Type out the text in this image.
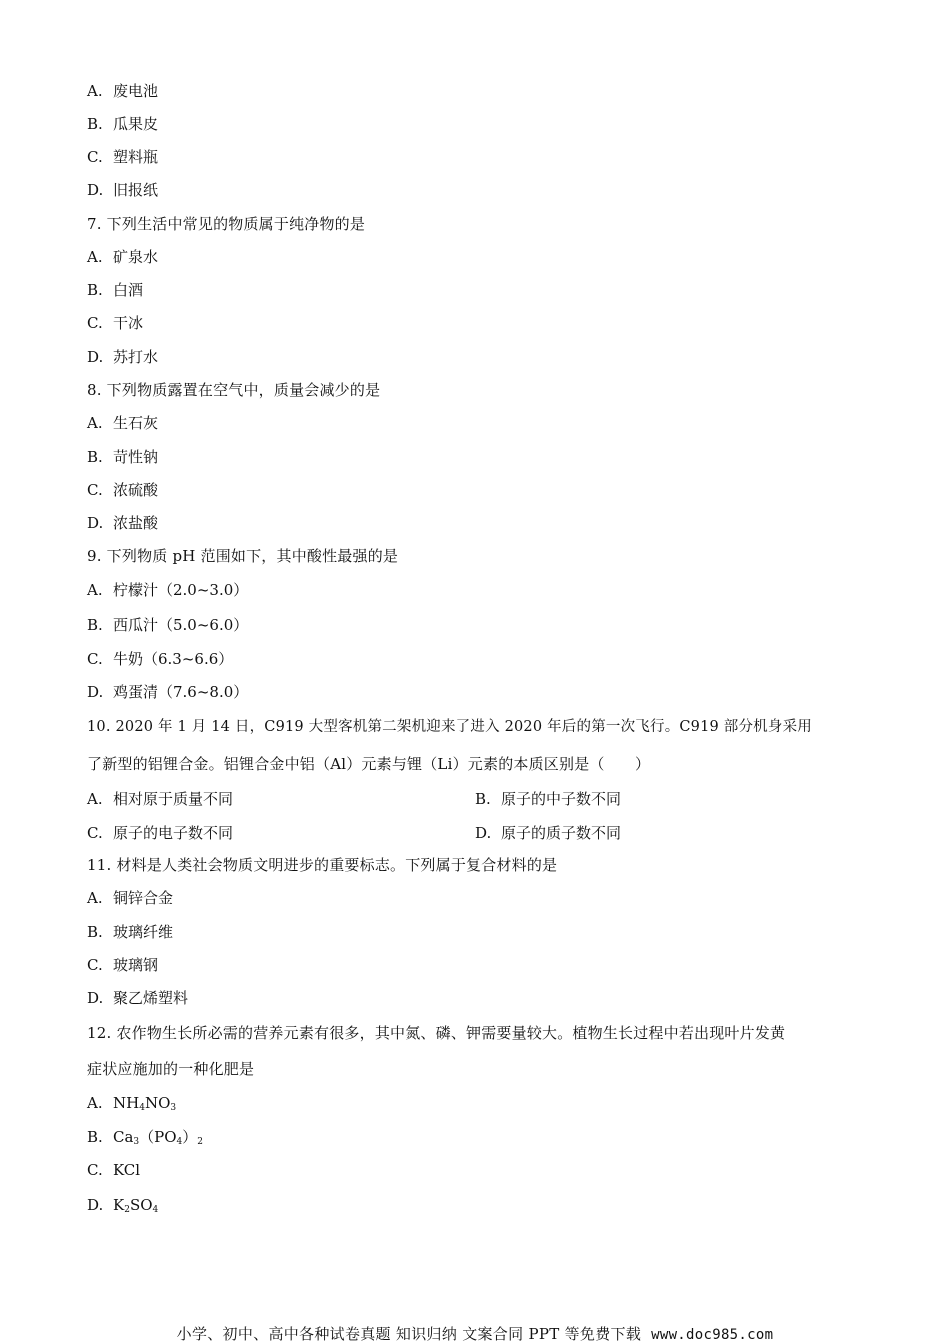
A. 废电池
B. 瓜果皮
C. 塑料瓶
D. 旧报纸
7. 下列生活中常见的物质属于纯净物的是
A. 矿泉水
B. 白酒
C. 干冰
D. 苏打水
8. 下列物质露置在空气中，质量会减少的是
A. 生石灰
B. 苛性钠
C. 浓硫酸
D. 浓盐酸
9. 下列物质 pH 范围如下，其中酸性最强的是
A. 柠檬汁（2.0~3.0）
B. 西瓜汁（5.0~6.0）
C. 牛奶（6.3~6.6）
D. 鸡蛋清（7.6~8.0）
10. 2020 年 1 月 14 日，C919 大型客机第二架机迎来了进入 2020 年后的第一次飞行。C919 部分机身采用
了新型的铝锂合金。铝锂合金中铝（Al）元素与锂（Li）元素的本质区别是（　　）
A. 相对原于质量不同	B. 原子的中子数不同
C. 原子的电子数不同	D. 原子的质子数不同
11. 材料是人类社会物质文明进步的重要标志。下列属于复合材料的是
A. 铜锌合金
B. 玻璃纤维
C. 玻璃钢
D. 聚乙烯塑料
12. 农作物生长所必需的营养元素有很多，其中氮、磷、钾需要量较大。植物生长过程中若出现叶片发黄
症状应施加的一种化肥是
A. $NH_4NO_3$
B. $Ca_3(PO_4)_2$
C. KCl
D. $K_2SO_4$
小学、初中、高中各种试卷真题 知识归纳 文案合同 PPT 等免费下载 www.doc985.com
